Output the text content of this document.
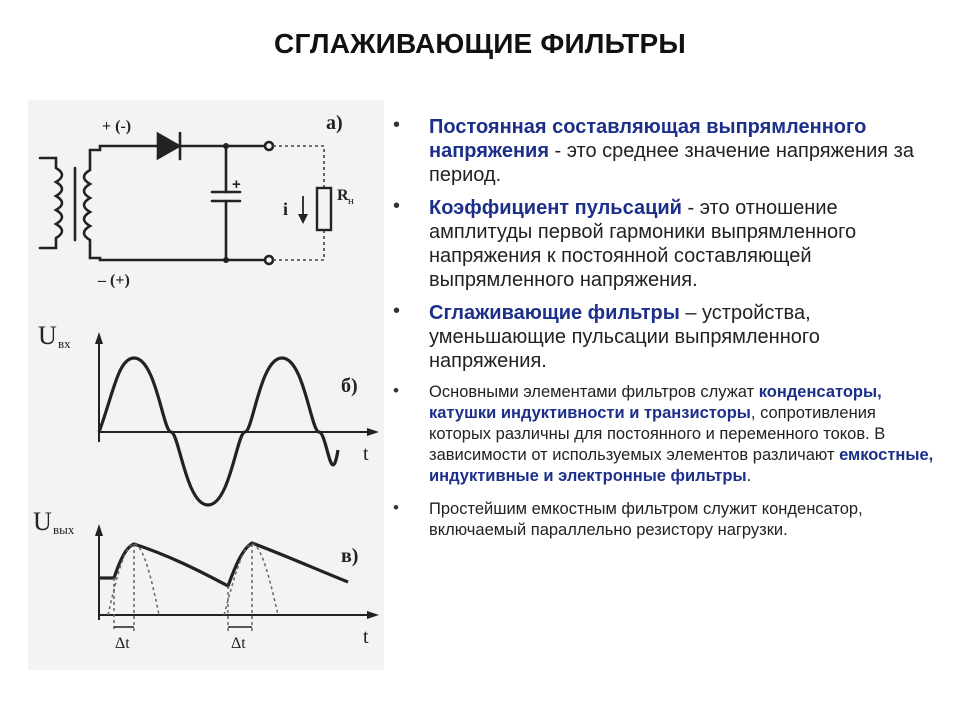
СГЛАЖИВАЮЩИЕ ФИЛЬТРЫ
+ (-)
– (+)
+
i
R н
а)
U вх
б)
t
Δt	Δt
U вых
в)
t
• Постоянная составляющая выпрямленного напряжения - это среднее значение напряжения за период.
• Коэффициент пульсаций - это отношение амплитуды первой гармоники выпрямленного напряжения к постоянной составляющей выпрямленного напряжения.
• Сглаживающие фильтры – устройства, уменьшающие пульсации выпрямленного напряжения.
• Основными элементами фильтров служат конденсаторы, катушки индуктивности и транзисторы, сопротивления которых различны для постоянного и переменного токов. В зависимости от используемых элементов различают емкостные, индуктивные и электронные фильтры.
• Простейшим емкостным фильтром служит конденсатор, включаемый параллельно резистору нагрузки.
